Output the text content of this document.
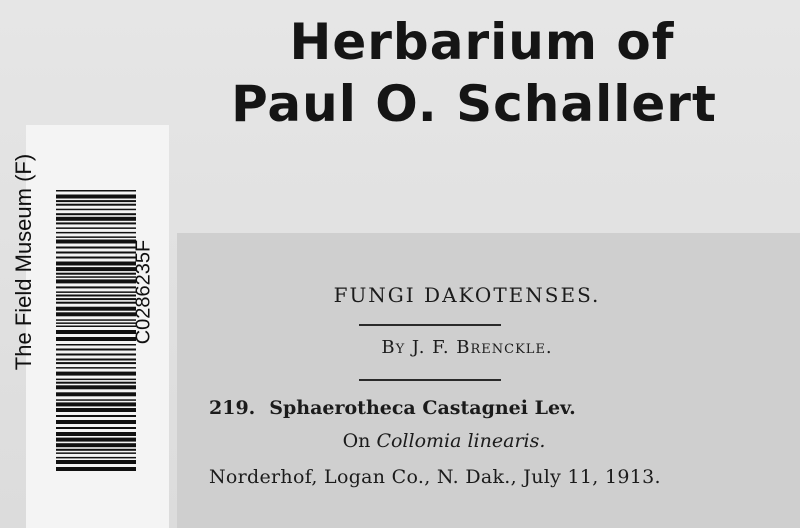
Herbarium of
Paul O. Schallert
The Field Museum (F)	C0286235F	FUNGI DAKOTENSES.
By J. F. Brenckle.
219. Sphaerotheca Castagnei Lev.
On Collomia linearis.
Norderhof, Logan Co., N. Dak., July 11, 1913.
